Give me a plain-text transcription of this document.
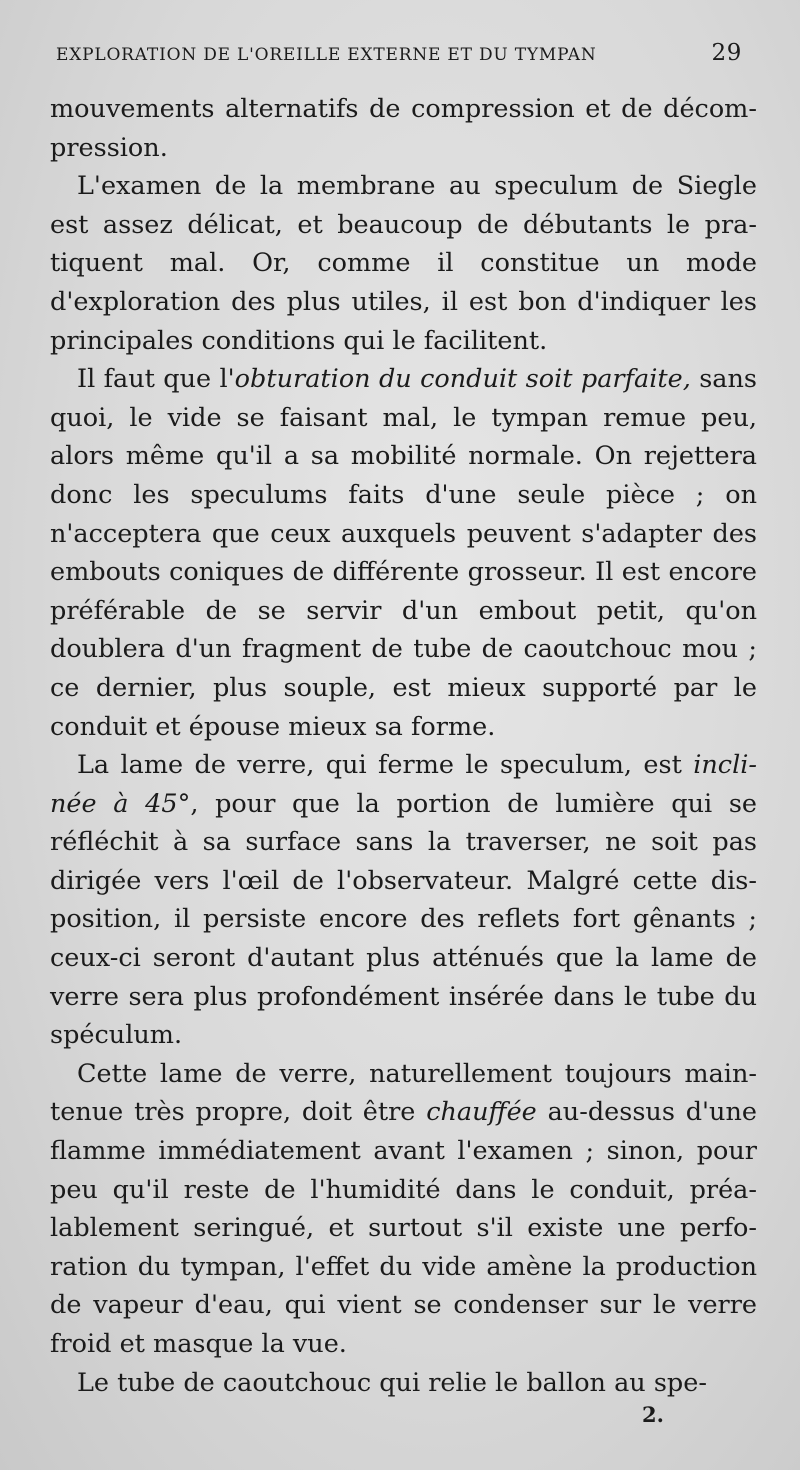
EXPLORATION DE L'OREILLE EXTERNE ET DU TYMPAN	29

mouvements alternatifs de compression et de décompression.

L'examen de la membrane au speculum de Siegle est assez délicat, et beaucoup de débutants le pratiquent mal. Or, comme il constitue un mode d'exploration des plus utiles, il est bon d'indiquer les principales conditions qui le facilitent.

Il faut que l'obturation du conduit soit parfaite, sans quoi, le vide se faisant mal, le tympan remue peu, alors même qu'il a sa mobilité normale. On rejettera donc les speculums faits d'une seule pièce ; on n'acceptera que ceux auxquels peuvent s'adapter des embouts coniques de différente grosseur. Il est encore préférable de se servir d'un embout petit, qu'on doublera d'un fragment de tube de caoutchouc mou ; ce dernier, plus souple, est mieux supporté par le conduit et épouse mieux sa forme.

La lame de verre, qui ferme le speculum, est inclinée à 45°, pour que la portion de lumière qui se réfléchit à sa surface sans la traverser, ne soit pas dirigée vers l'œil de l'observateur. Malgré cette disposition, il persiste encore des reflets fort gênants ; ceux-ci seront d'autant plus atténués que la lame de verre sera plus profondément insérée dans le tube du spéculum.

Cette lame de verre, naturellement toujours maintenue très propre, doit être chauffée au-dessus d'une flamme immédiatement avant l'examen ; sinon, pour peu qu'il reste de l'humidité dans le conduit, préalablement seringué, et surtout s'il existe une perforation du tympan, l'effet du vide amène la production de vapeur d'eau, qui vient se condenser sur le verre froid et masque la vue.

Le tube de caoutchouc qui relie le ballon au spe-

2.
